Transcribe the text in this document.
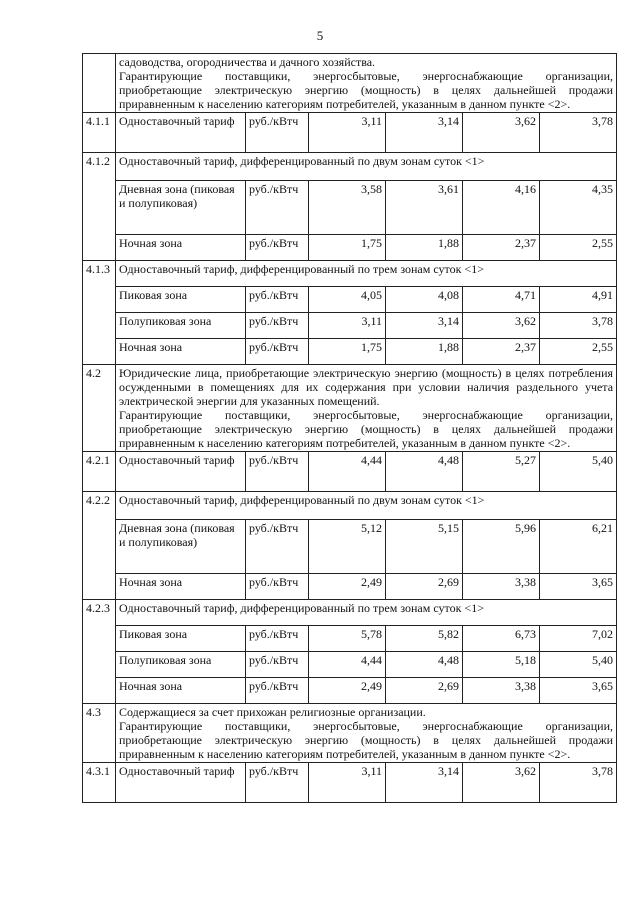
5

	садоводства, огородничества и дачного хозяйства.
Гарантирующие поставщики, энергосбытовые, энергоснабжающие организации, приобретающие электрическую энергию (мощность) в целях дальнейшей продажи приравненным к населению категориям потребителей, указанным в данном пункте <2>.					

4.1.1	Одноставочный тариф	руб./кВтч	3,11	3,14	3,62	3,78
4.1.2	Одноставочный тариф, дифференцированный по двум зонам суток <1>					
	Дневная зона (пиковая и полупиковая)	руб./кВтч	3,58	3,61	4,16	4,35
	Ночная зона	руб./кВтч	1,75	1,88	2,37	2,55
4.1.3	Одноставочный тариф, дифференцированный по трем зонам суток <1>					
	Пиковая зона	руб./кВтч	4,05	4,08	4,71	4,91
	Полупиковая зона	руб./кВтч	3,11	3,14	3,62	3,78
	Ночная зона	руб./кВтч	1,75	1,88	2,37	2,55
4.2	Юридические лица, приобретающие электрическую энергию (мощность) в целях потребления осужденными в помещениях для их содержания при условии наличия раздельного учета электрической энергии для указанных помещений.
Гарантирующие поставщики, энергосбытовые, энергоснабжающие организации, приобретающие электрическую энергию (мощность) в целях дальнейшей продажи приравненным к населению категориям потребителей, указанным в данном пункте <2>.					

4.2.1	Одноставочный тариф	руб./кВтч	4,44	4,48	5,27	5,40
4.2.2	Одноставочный тариф, дифференцированный по двум зонам суток <1>					
	Дневная зона (пиковая и полупиковая)	руб./кВтч	5,12	5,15	5,96	6,21
	Ночная зона	руб./кВтч	2,49	2,69	3,38	3,65
4.2.3	Одноставочный тариф, дифференцированный по трем зонам суток <1>					
	Пиковая зона	руб./кВтч	5,78	5,82	6,73	7,02
	Полупиковая зона	руб./кВтч	4,44	4,48	5,18	5,40
	Ночная зона	руб./кВтч	2,49	2,69	3,38	3,65
4.3	Содержащиеся за счет прихожан религиозные организации.
Гарантирующие поставщики, энергосбытовые, энергоснабжающие организации, приобретающие электрическую энергию (мощность) в целях дальнейшей продажи приравненным к населению категориям потребителей, указанным в данном пункте <2>.					

4.3.1	Одноставочный тариф	руб./кВтч	3,11	3,14	3,62	3,78
